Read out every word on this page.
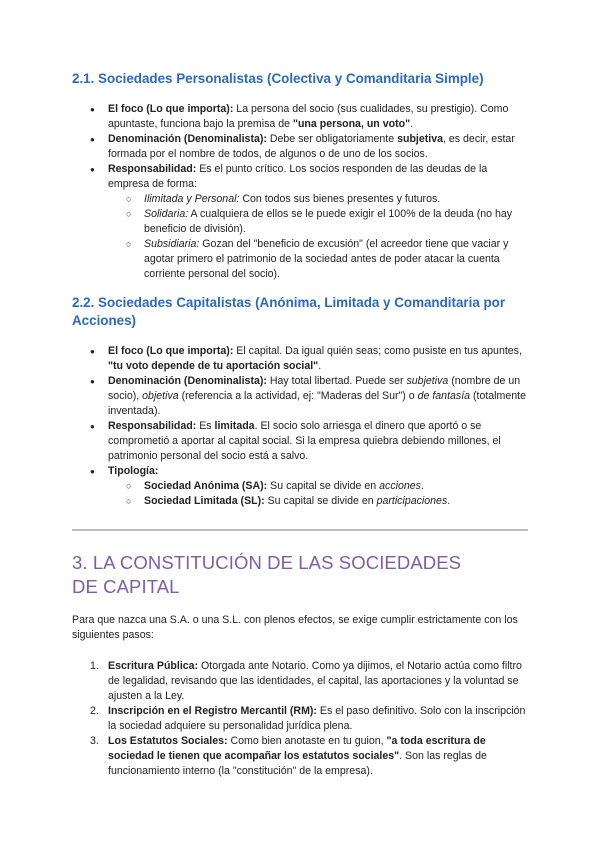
2.1. Sociedades Personalistas (Colectiva y Comanditaria Simple)
● El foco (Lo que importa): La persona del socio (sus cualidades, su prestigio). Como apuntaste, funciona bajo la premisa de "una persona, un voto".
● Denominación (Denominalista): Debe ser obligatoriamente subjetiva, es decir, estar formada por el nombre de todos, de algunos o de uno de los socios.
● Responsabilidad: Es el punto crítico. Los socios responden de las deudas de la empresa de forma:
○ Ilimitada y Personal: Con todos sus bienes presentes y futuros.
○ Solidaria: A cualquiera de ellos se le puede exigir el 100% de la deuda (no hay beneficio de división).
○ Subsidiaria: Gozan del "beneficio de excusión" (el acreedor tiene que vaciar y agotar primero el patrimonio de la sociedad antes de poder atacar la cuenta corriente personal del socio).
2.2. Sociedades Capitalistas (Anónima, Limitada y Comanditaria por Acciones)
● El foco (Lo que importa): El capital. Da igual quién seas; como pusiste en tus apuntes, "tu voto depende de tu aportación social".
● Denominación (Denominalista): Hay total libertad. Puede ser subjetiva (nombre de un socio), objetiva (referencia a la actividad, ej: "Maderas del Sur") o de fantasía (totalmente inventada).
● Responsabilidad: Es limitada. El socio solo arriesga el dinero que aportó o se comprometió a aportar al capital social. Si la empresa quiebra debiendo millones, el patrimonio personal del socio está a salvo.
● Tipología:
○ Sociedad Anónima (SA): Su capital se divide en acciones.
○ Sociedad Limitada (SL): Su capital se divide en participaciones.
3. LA CONSTITUCIÓN DE LAS SOCIEDADES DE CAPITAL

Para que nazca una S.A. o una S.L. con plenos efectos, se exige cumplir estrictamente con los siguientes pasos:

1. Escritura Pública: Otorgada ante Notario. Como ya dijimos, el Notario actúa como filtro de legalidad, revisando que las identidades, el capital, las aportaciones y la voluntad se ajusten a la Ley.
2. Inscripción en el Registro Mercantil (RM): Es el paso definitivo. Solo con la inscripción la sociedad adquiere su personalidad jurídica plena.
3. Los Estatutos Sociales: Como bien anotaste en tu guion, "a toda escritura de sociedad le tienen que acompañar los estatutos sociales". Son las reglas de funcionamiento interno (la "constitución" de la empresa).
